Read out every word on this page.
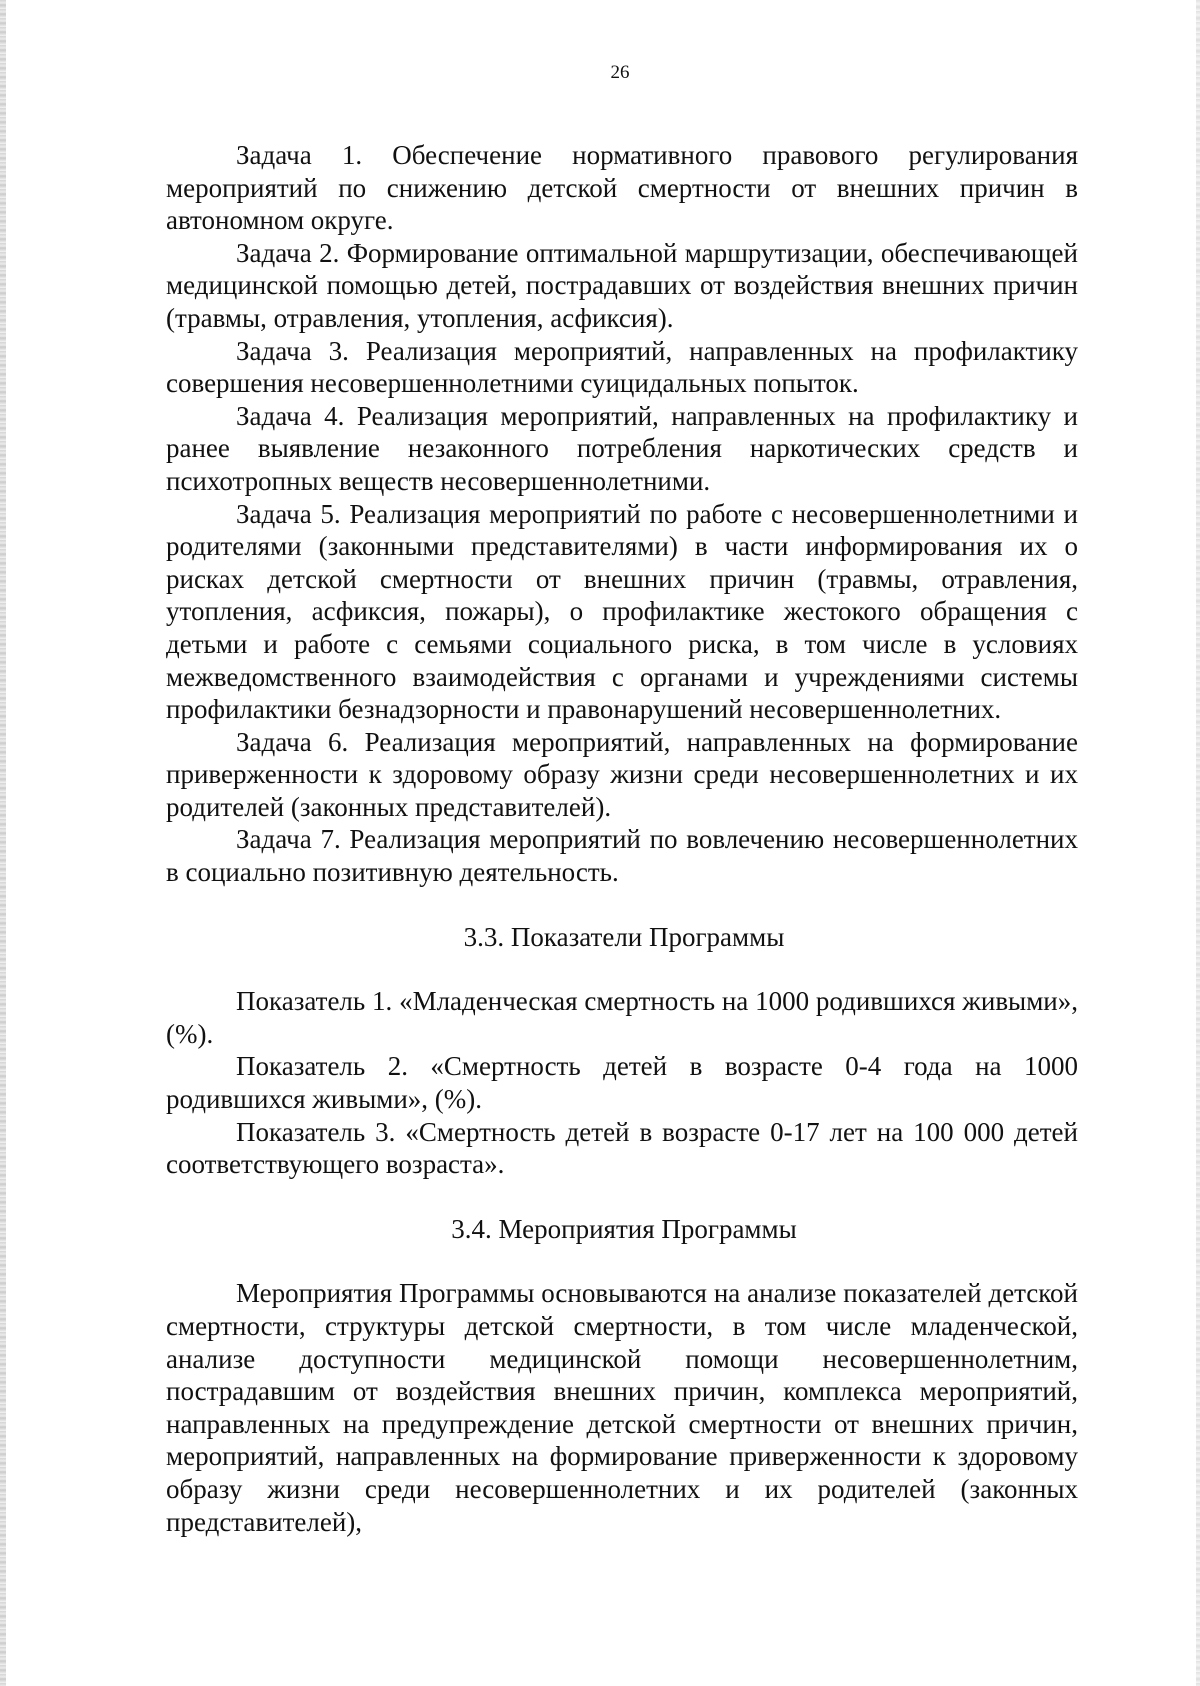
26

Задача 1. Обеспечение нормативного правового регулирования мероприятий по снижению детской смертности от внешних причин в автономном округе.

Задача 2. Формирование оптимальной маршрутизации, обеспечивающей медицинской помощью детей, пострадавших от воздействия внешних причин (травмы, отравления, утопления, асфиксия).

Задача 3. Реализация мероприятий, направленных на профилактику совершения несовершеннолетними суицидальных попыток.

Задача 4. Реализация мероприятий, направленных на профилактику и ранее выявление незаконного потребления наркотических средств и психотропных веществ несовершеннолетними.

Задача 5. Реализация мероприятий по работе с несовершеннолетними и родителями (законными представителями) в части информирования их о рисках детской смертности от внешних причин (травмы, отравления, утопления, асфиксия, пожары), о профилактике жестокого обращения с детьми и работе с семьями социального риска, в том числе в условиях межведомственного взаимодействия с органами и учреждениями системы профилактики безнадзорности и правонарушений несовершеннолетних.

Задача 6. Реализация мероприятий, направленных на формирование приверженности к здоровому образу жизни среди несовершеннолетних и их родителей (законных представителей).

Задача 7. Реализация мероприятий по вовлечению несовершеннолетних в социально позитивную деятельность.

3.3. Показатели Программы

Показатель 1. «Младенческая смертность на 1000 родившихся живыми», (%).

Показатель 2. «Смертность детей в возрасте 0-4 года на 1000 родившихся живыми», (%).

Показатель 3. «Смертность детей в возрасте 0-17 лет на 100 000 детей соответствующего возраста».

3.4. Мероприятия Программы

Мероприятия Программы основываются на анализе показателей детской смертности, структуры детской смертности, в том числе младенческой, анализе доступности медицинской помощи несовершеннолетним, пострадавшим от воздействия внешних причин, комплекса мероприятий, направленных на предупреждение детской смертности от внешних причин, мероприятий, направленных на формирование приверженности к здоровому образу жизни среди несовершеннолетних и их родителей (законных представителей),
